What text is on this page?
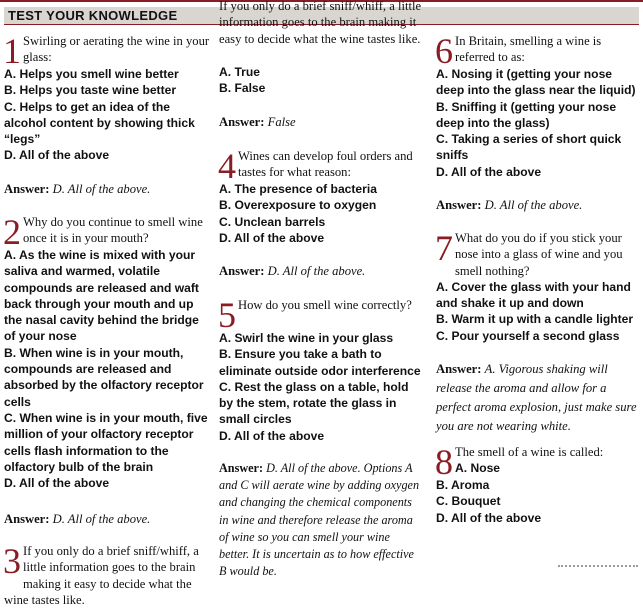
TEST YOUR KNOWLEDGE
1 Swirling or aerating the wine in your glass:

A. Helps you smell wine better

B. Helps you taste wine better

C. Helps to get an idea of the alcohol content by showing thick “legs”

D. All of the above

Answer: D. All of the above.
2 Why do you continue to smell wine once it is in your mouth?

A. As the wine is mixed with your saliva and warmed, volatile compounds are released and waft back through your mouth and up the nasal cavity behind the bridge of your nose

B. When wine is in your mouth, compounds are released and absorbed by the olfactory receptor cells

C. When wine is in your mouth, five million of your olfactory receptor cells flash information to the olfactory bulb of the brain

D. All of the above

Answer: D. All of the above.
3 If you only do a brief sniff/whiff, a little information goes to the brain making it easy to decide what the wine tastes like.

If you only do a brief sniff/whiff, a little information goes to the brain making it easy to decide what the wine tastes like.

A. True

B. False

Answer: False
4 Wines can develop foul orders and tastes for what reason:

A. The presence of bacteria

B. Overexposure to oxygen

C. Unclean barrels

D. All of the above

Answer: D. All of the above.
5 How do you smell wine correctly?

A. Swirl the wine in your glass

B. Ensure you take a bath to eliminate outside odor interference

C. Rest the glass on a table, hold by the stem, rotate the glass in small circles

D. All of the above

Answer: D. All of the above. Options A and C will aerate wine by adding oxygen and changing the chemical components in wine and therefore release the aroma of wine so you can smell your wine better. It is uncertain as to how effective B would be.
6 In Britain, smelling a wine is referred to as:

A. Nosing it (getting your nose deep into the glass near the liquid)

B. Sniffing it (getting your nose deep into the glass)

C. Taking a series of short quick sniffs

D. All of the above

Answer: D. All of the above.
7 What do you do if you stick your nose into a glass of wine and you smell nothing?

A. Cover the glass with your hand and shake it up and down

B. Warm it up with a candle lighter

C. Pour yourself a second glass

Answer: A. Vigorous shaking will release the aroma and allow for a perfect aroma explosion, just make sure you are not wearing white.
8 The smell of a wine is called:

A. Nose

B. Aroma

C. Bouquet

D. All of the above
